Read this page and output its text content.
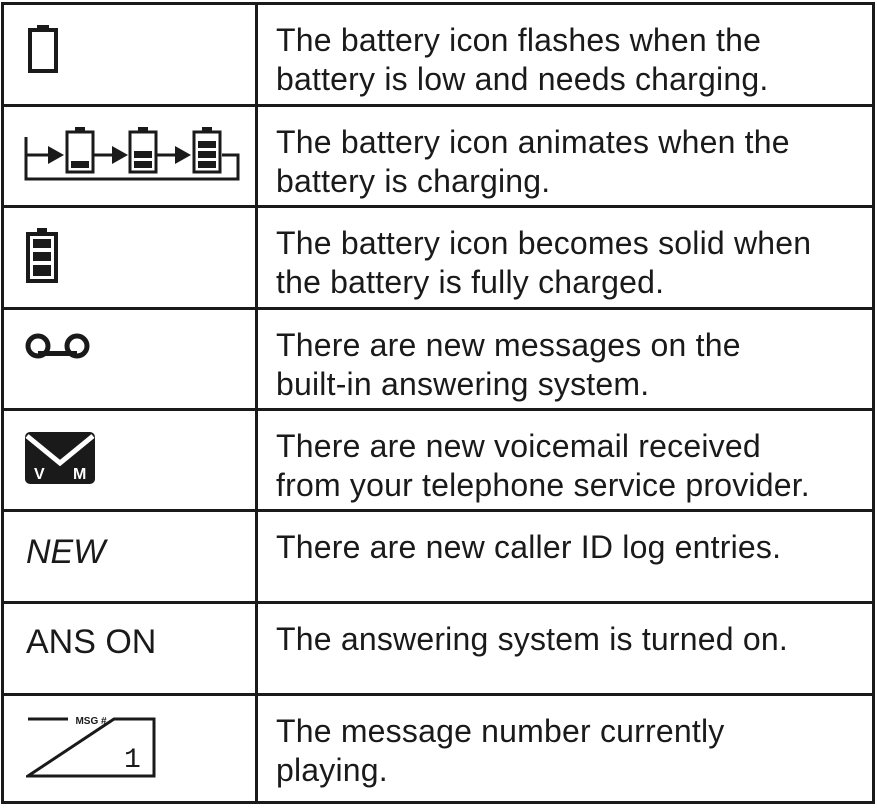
The battery icon flashes when the
battery is low and needs charging.
The battery icon animates when the
battery is charging.
The battery icon becomes solid when
the battery is fully charged.
There are new messages on the
built-in answering system.
V M
There are new voicemail received
from your telephone service provider.
NEW	There are new caller ID log entries.
ANS ON	The answering system is turned on.
MSG #
1
The message number currently
playing.
